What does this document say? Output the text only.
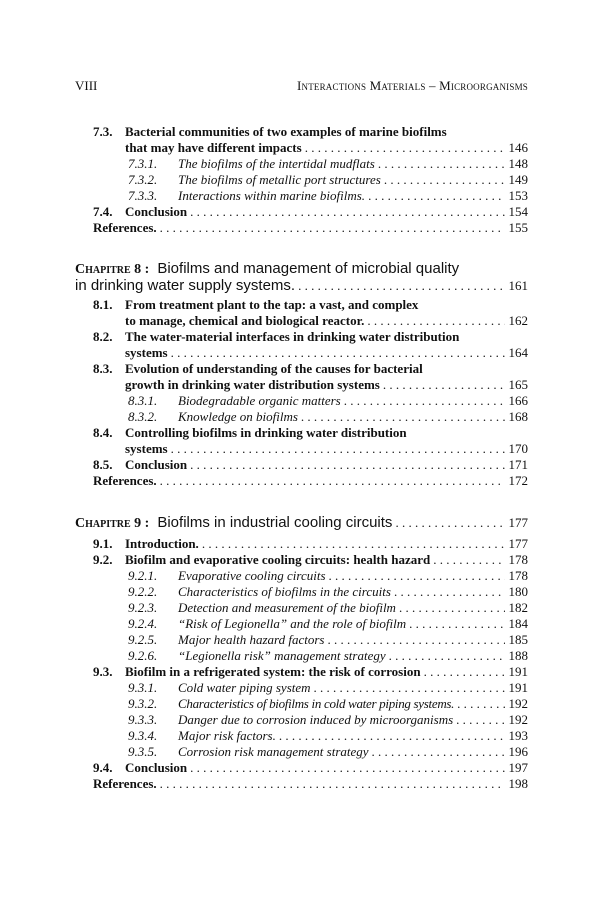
VIII	Interactions Materials – Microorganisms
7.3. Bacterial communities of two examples of marine biofilms
that may have different impacts . . .	146
7.3.1. The biofilms of the intertidal mudflats . . .	148
7.3.2. The biofilms of metallic port structures . . .	149
7.3.3. Interactions within marine biofilms. . . .	153
7.4. Conclusion . . .	154
References. . . .	155
Chapitre 8 : Biofilms and management of microbial quality
in drinking water supply systems. . . .	161
8.1. From treatment plant to the tap: a vast, and complex
to manage, chemical and biological reactor. . . .	162
8.2. The water-material interfaces in drinking water distribution
systems . . .	164
8.3. Evolution of understanding of the causes for bacterial
growth in drinking water distribution systems . . .	165
8.3.1. Biodegradable organic matters . . .	166
8.3.2. Knowledge on biofilms . . .	168
8.4. Controlling biofilms in drinking water distribution
systems . . .	170
8.5. Conclusion . . .	171
References. . . .	172
Chapitre 9 : Biofilms in industrial cooling circuits . . .	177
9.1. Introduction. . . .	177
9.2. Biofilm and evaporative cooling circuits: health hazard . . .	178
9.2.1. Evaporative cooling circuits . . .	178
9.2.2. Characteristics of biofilms in the circuits . . .	180
9.2.3. Detection and measurement of the biofilm . . .	182
9.2.4. “Risk of Legionella” and the role of biofilm . . .	184
9.2.5. Major health hazard factors . . .	185
9.2.6. “Legionella risk” management strategy . . .	188
9.3. Biofilm in a refrigerated system: the risk of corrosion . . .	191
9.3.1. Cold water piping system . . .	191
9.3.2. Characteristics of biofilms in cold water piping systems. . . .	192
9.3.3. Danger due to corrosion induced by microorganisms . . .	192
9.3.4. Major risk factors. . . .	193
9.3.5. Corrosion risk management strategy . . .	196
9.4. Conclusion . . .	197
References. . . .	198
